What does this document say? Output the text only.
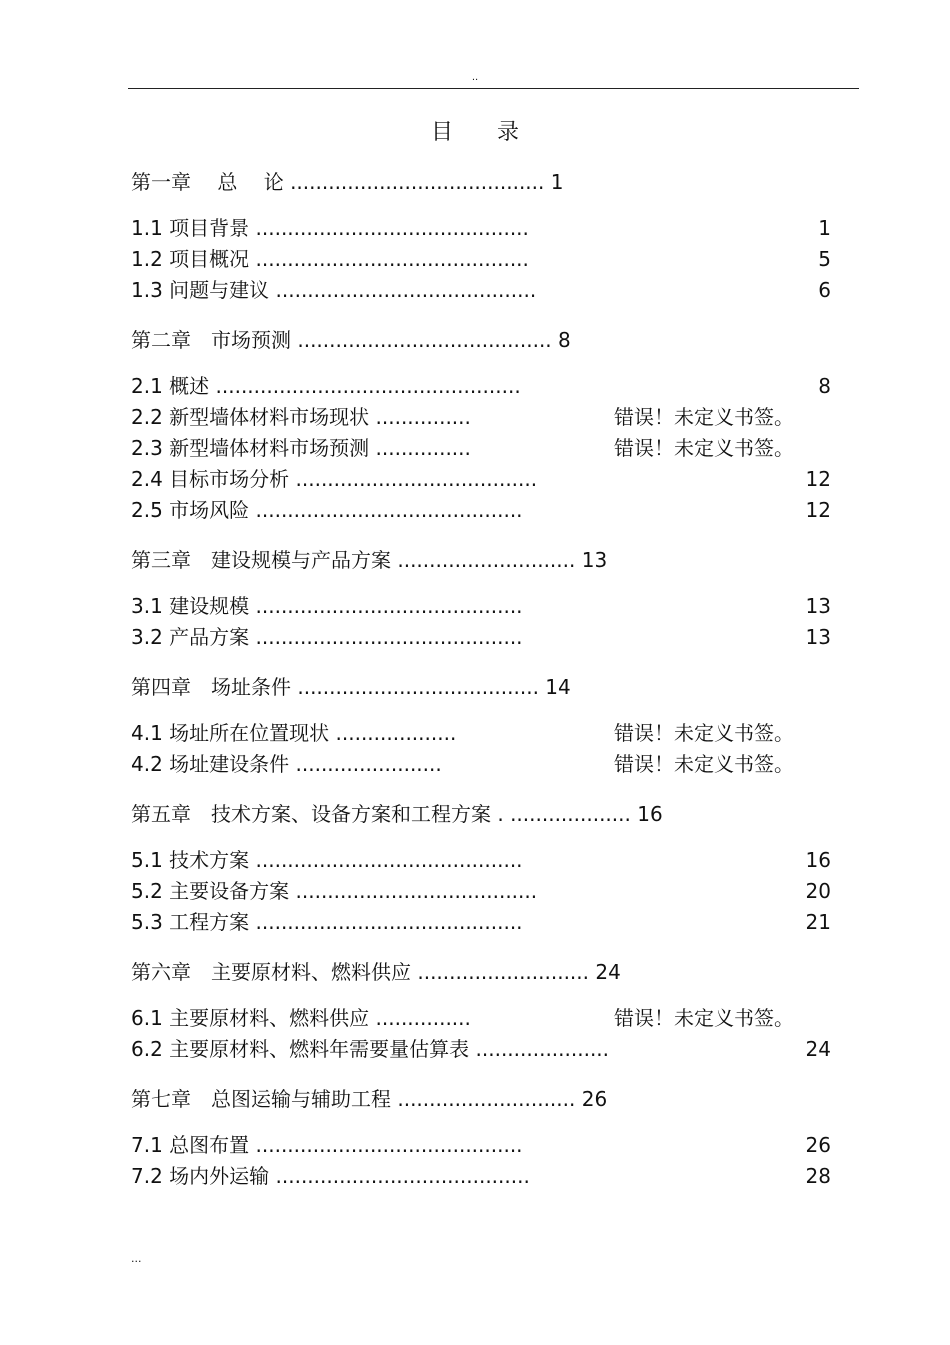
..
目 录
第一章　 总　 论 ........................................ 1
1.1 项目背景 ...........................................	1
1.2 项目概况 ...........................................	5
1.3 问题与建议 .........................................	6
第二章　市场预测 ........................................ 8
2.1 概述 ................................................	8
2.2 新型墙体材料市场现状 ...............	错误！未定义书签。
2.3 新型墙体材料市场预测 ...............	错误！未定义书签。
2.4 目标市场分析 ......................................	12
2.5 市场风险 ..........................................	12
第三章　建设规模与产品方案 ............................ 13
3.1 建设规模 ..........................................	13
3.2 产品方案 ..........................................	13
第四章　场址条件 ...................................... 14
4.1 场址所在位置现状 ...................	错误！未定义书签。
4.2 场址建设条件 .......................	错误！未定义书签。
第五章　技术方案、设备方案和工程方案 . ................... 16
5.1 技术方案 ..........................................	16
5.2 主要设备方案 ......................................	20
5.3 工程方案 ..........................................	21
第六章　主要原材料、燃料供应 ........................... 24
6.1 主要原材料、燃料供应 ...............	错误！未定义书签。
6.2 主要原材料、燃料年需要量估算表 .....................	24
第七章　总图运输与辅助工程 ............................ 26
7.1 总图布置 ..........................................	26
7.2 场内外运输 ........................................	28
...
